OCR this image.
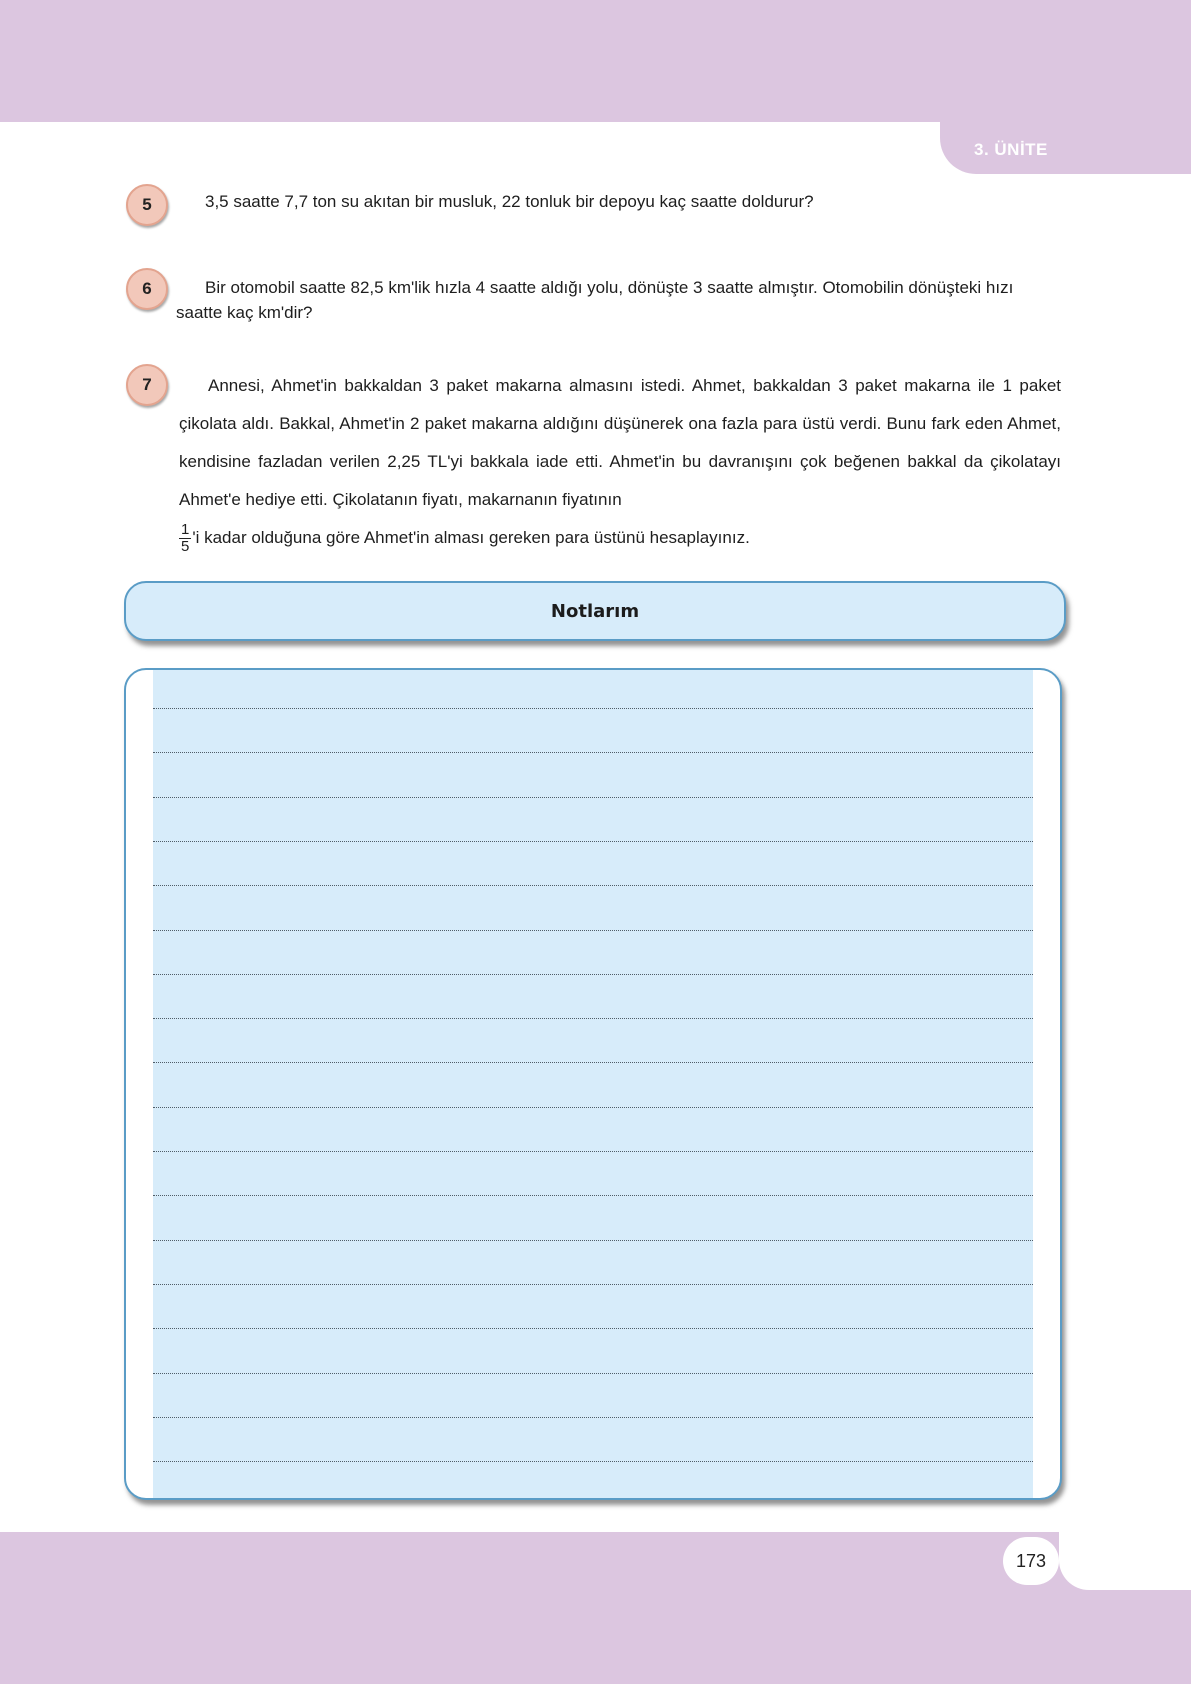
3. ÜNİTE
5	3,5 saatte 7,7 ton su akıtan bir musluk, 22 tonluk bir depoyu kaç saatte doldurur?
6	Bir otomobil saatte 82,5 km'lik hızla 4 saatte aldığı yolu, dönüşte 3 saatte almıştır. Otomobilin dönüşteki hızı saatte kaç km'dir?
7	Annesi, Ahmet'in bakkaldan 3 paket makarna almasını istedi. Ahmet, bakkaldan 3 paket makarna ile 1 paket çikolata aldı. Bakkal, Ahmet'in 2 paket makarna aldığını düşünerek ona fazla para üstü verdi. Bunu fark eden Ahmet, kendisine fazladan verilen 2,25 TL'yi bakkala iade etti. Ahmet'in bu davranışını çok beğenen bakkal da çikolatayı Ahmet'e hediye etti. Çikolatanın fiyatı, makarnanın fiyatının
$\frac{1}{5}$ 'i kadar olduğuna göre Ahmet'in alması gereken para üstünü hesaplayınız.
Notlarım
173
